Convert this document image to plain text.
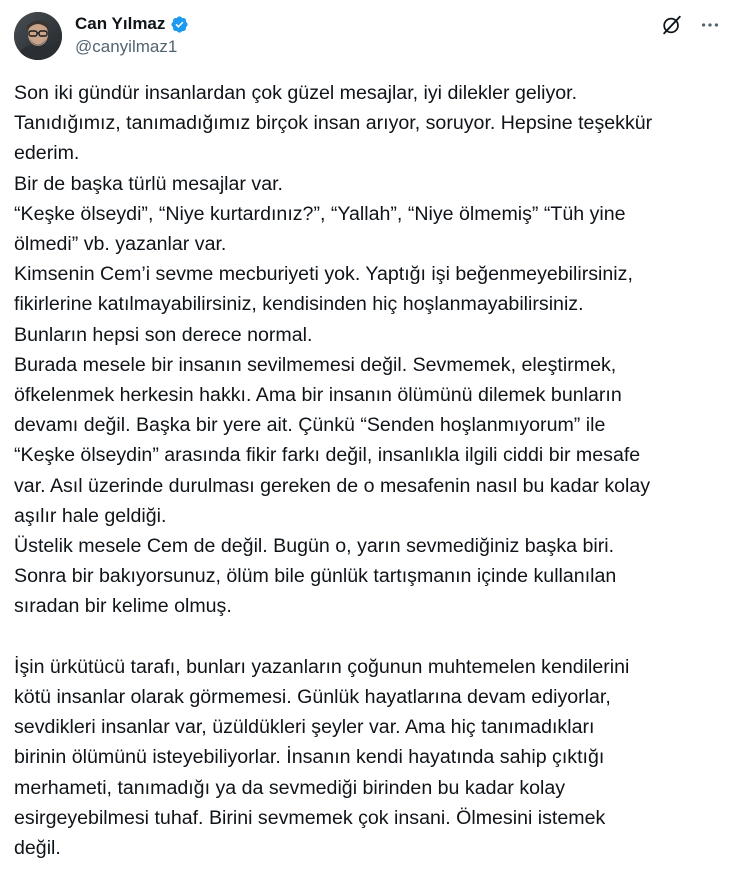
Can Yılmaz
@canyilmaz1

Son iki gündür insanlardan çok güzel mesajlar, iyi dilekler geliyor.
Tanıdığımız, tanımadığımız birçok insan arıyor, soruyor. Hepsine teşekkür
ederim.
Bir de başka türlü mesajlar var.
“Keşke ölseydi”, “Niye kurtardınız?”, “Yallah”, “Niye ölmemiş” “Tüh yine
ölmedi” vb. yazanlar var.
Kimsenin Cem’i sevme mecburiyeti yok. Yaptığı işi beğenmeyebilirsiniz,
fikirlerine katılmayabilirsiniz, kendisinden hiç hoşlanmayabilirsiniz.
Bunların hepsi son derece normal.
Burada mesele bir insanın sevilmemesi değil. Sevmemek, eleştirmek,
öfkelenmek herkesin hakkı. Ama bir insanın ölümünü dilemek bunların
devamı değil. Başka bir yere ait. Çünkü “Senden hoşlanmıyorum” ile
“Keşke ölseydin” arasında fikir farkı değil, insanlıkla ilgili ciddi bir mesafe
var. Asıl üzerinde durulması gereken de o mesafenin nasıl bu kadar kolay
aşılır hale geldiği.
Üstelik mesele Cem de değil. Bugün o, yarın sevmediğiniz başka biri.
Sonra bir bakıyorsunuz, ölüm bile günlük tartışmanın içinde kullanılan
sıradan bir kelime olmuş.

İşin ürkütücü tarafı, bunları yazanların çoğunun muhtemelen kendilerini
kötü insanlar olarak görmemesi. Günlük hayatlarına devam ediyorlar,
sevdikleri insanlar var, üzüldükleri şeyler var. Ama hiç tanımadıkları
birinin ölümünü isteyebiliyorlar. İnsanın kendi hayatında sahip çıktığı
merhameti, tanımadığı ya da sevmediği birinden bu kadar kolay
esirgeyebilmesi tuhaf. Birini sevmemek çok insani. Ölmesini istemek
değil.
